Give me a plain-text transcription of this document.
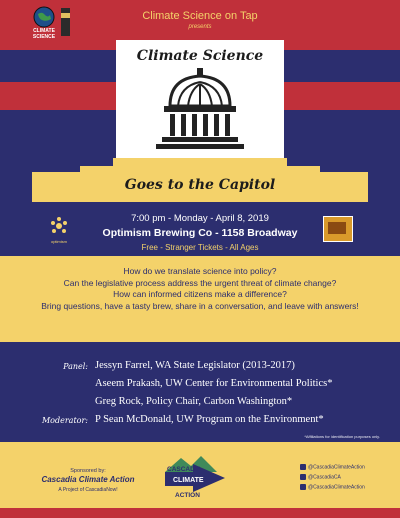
CLIMATE
SCIENCE
Climate Science on Tap
presents
Climate Science
Goes to the Capitol
optimism
7:00 pm - Monday - April 8, 2019
Optimism Brewing Co - 1158 Broadway
Free - Stranger Tickets - All Ages
How do we translate science into policy?
Can the legislative process address the urgent threat of climate change?
How can informed citizens make a difference?
Bring questions, have a tasty brew, share in a conversation, and leave with answers!
Panel: Jessyn Farrel, WA State Legislator (2013-2017)
Aseem Prakash, UW Center for Environmental Politics*
Greg Rock, Policy Chair, Carbon Washington*
Moderator: P Sean McDonald, UW Program on the Environment*
*Affiliations for identification purposes only.
Sponsored by:
Cascadia Climate Action
A Project of CascadiaNow!
CASCADIA
CLIMATE
ACTION
@CascadiaClimateAction
@CascadiaCA
@CascadiaClimateAction
